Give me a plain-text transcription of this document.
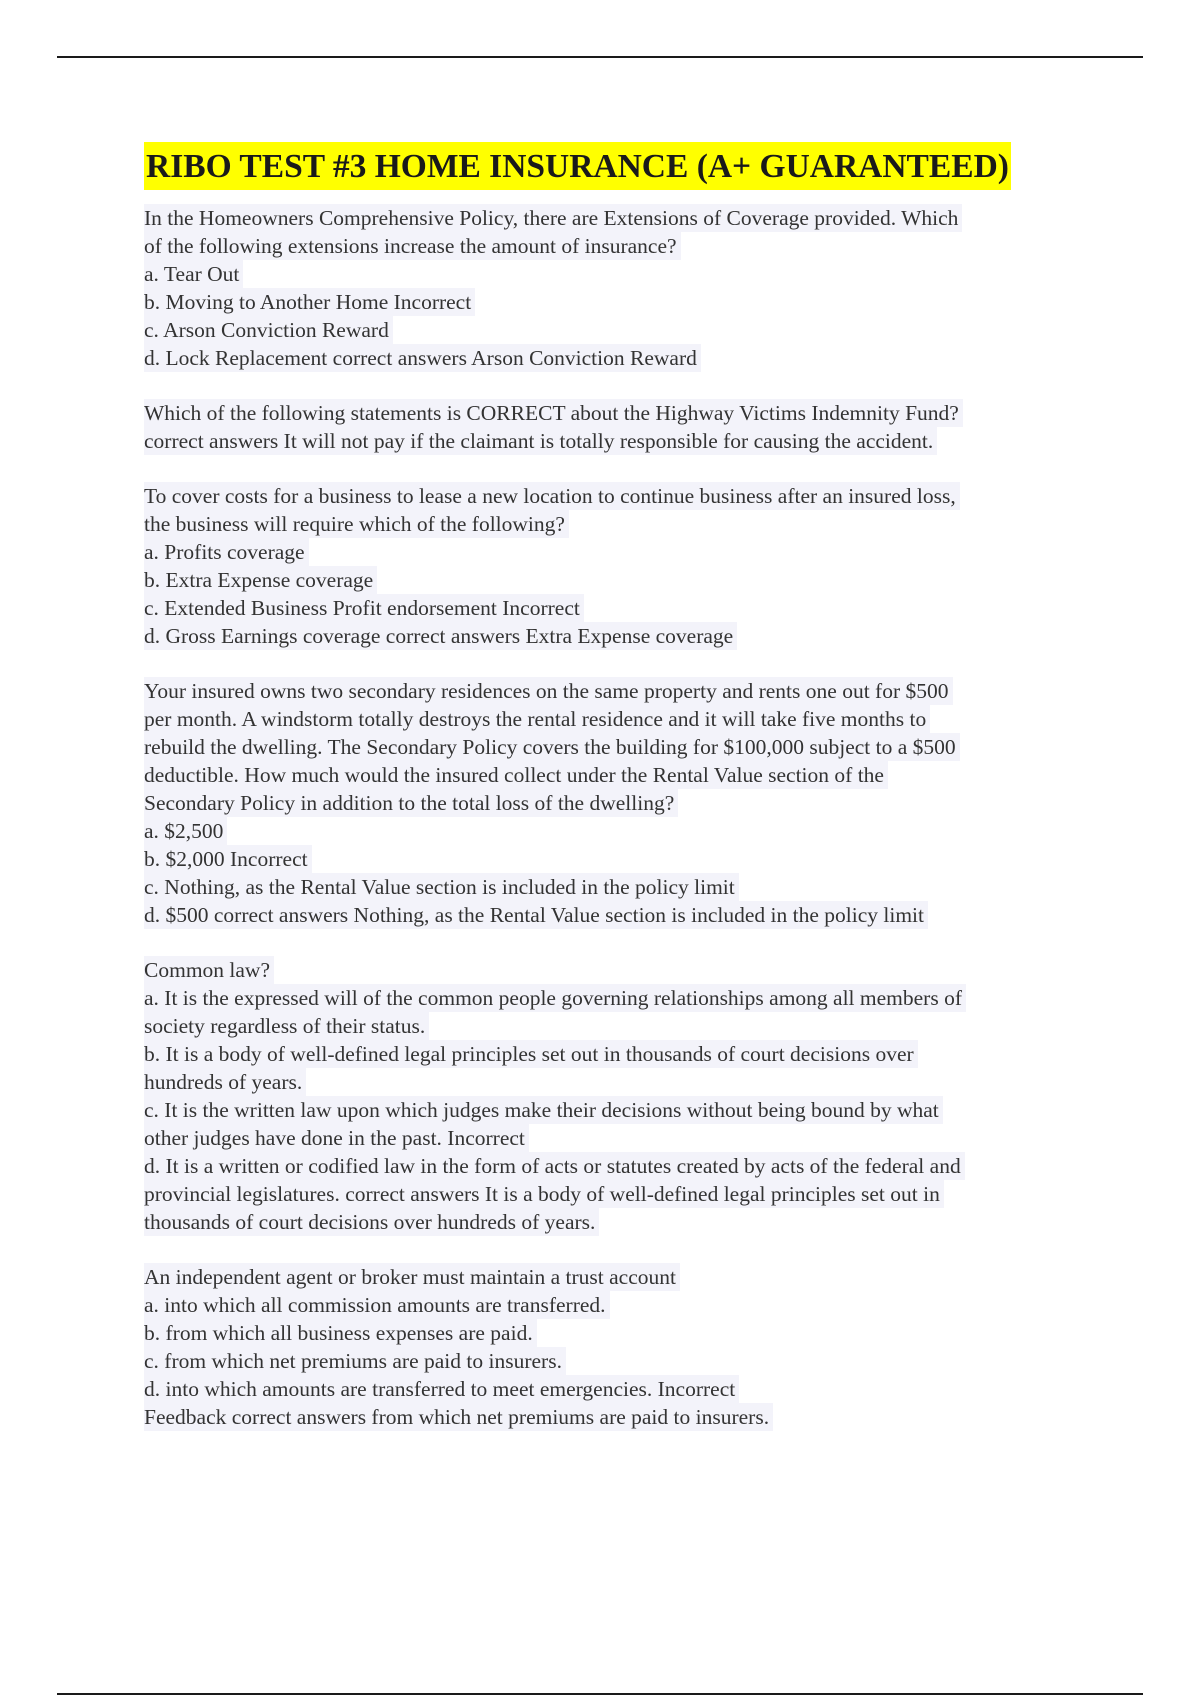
RIBO TEST #3 HOME INSURANCE (A+ GUARANTEED)
In the Homeowners Comprehensive Policy, there are Extensions of Coverage provided. Which
of the following extensions increase the amount of insurance?
a. Tear Out
b. Moving to Another Home Incorrect
c. Arson Conviction Reward
d. Lock Replacement correct answers Arson Conviction Reward
Which of the following statements is CORRECT about the Highway Victims Indemnity Fund?
correct answers It will not pay if the claimant is totally responsible for causing the accident.
To cover costs for a business to lease a new location to continue business after an insured loss,
the business will require which of the following?
a. Profits coverage
b. Extra Expense coverage
c. Extended Business Profit endorsement Incorrect
d. Gross Earnings coverage correct answers Extra Expense coverage
Your insured owns two secondary residences on the same property and rents one out for $500
per month. A windstorm totally destroys the rental residence and it will take five months to
rebuild the dwelling. The Secondary Policy covers the building for $100,000 subject to a $500
deductible. How much would the insured collect under the Rental Value section of the
Secondary Policy in addition to the total loss of the dwelling?
a. $2,500
b. $2,000 Incorrect
c. Nothing, as the Rental Value section is included in the policy limit
d. $500 correct answers Nothing, as the Rental Value section is included in the policy limit
Common law?
a. It is the expressed will of the common people governing relationships among all members of
society regardless of their status.
b. It is a body of well-defined legal principles set out in thousands of court decisions over
hundreds of years.
c. It is the written law upon which judges make their decisions without being bound by what
other judges have done in the past. Incorrect
d. It is a written or codified law in the form of acts or statutes created by acts of the federal and
provincial legislatures. correct answers It is a body of well-defined legal principles set out in
thousands of court decisions over hundreds of years.
An independent agent or broker must maintain a trust account
a. into which all commission amounts are transferred.
b. from which all business expenses are paid.
c. from which net premiums are paid to insurers.
d. into which amounts are transferred to meet emergencies. Incorrect
Feedback correct answers from which net premiums are paid to insurers.
